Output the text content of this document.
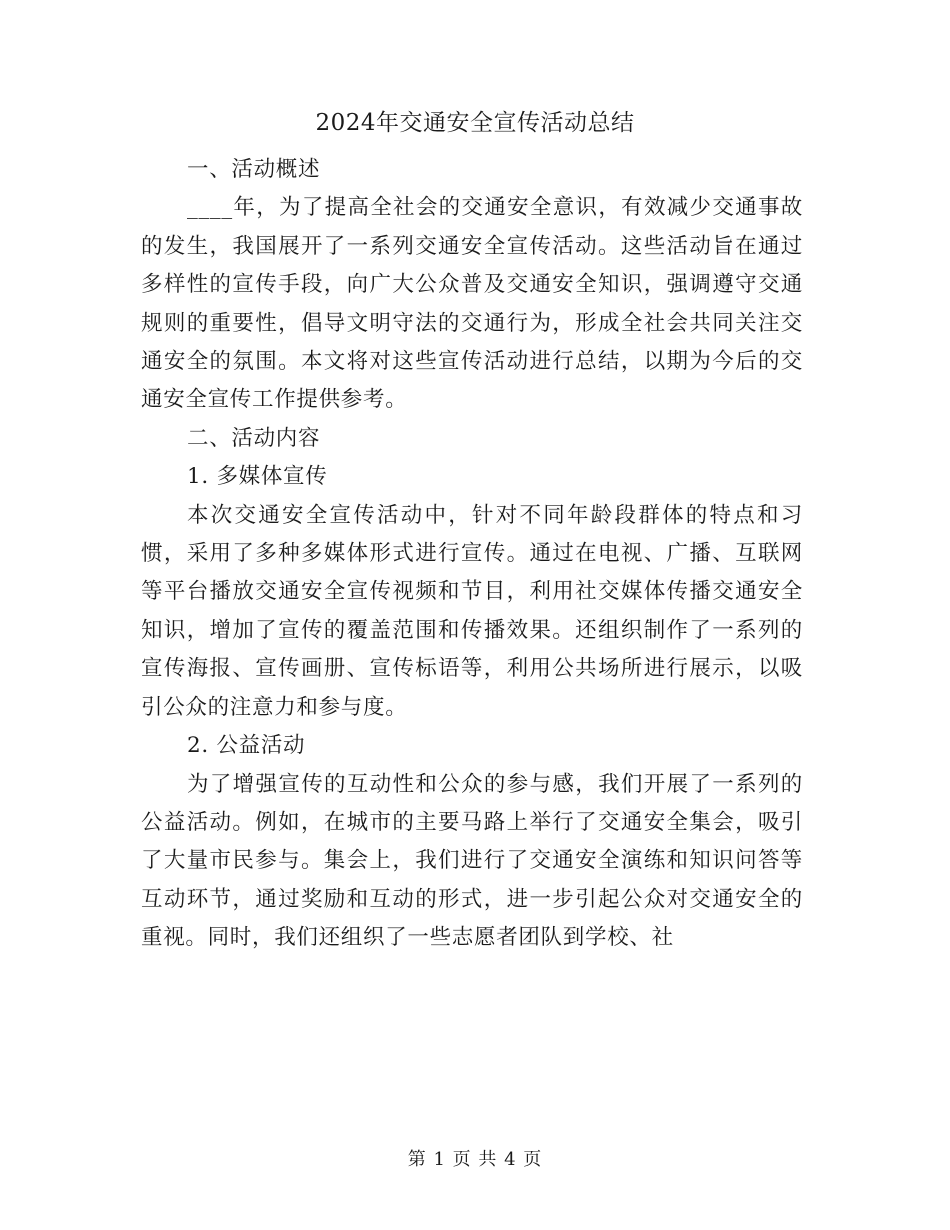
2024年交通安全宣传活动总结

一、活动概述

____年，为了提高全社会的交通安全意识，有效减少交通事故的发生，我国展开了一系列交通安全宣传活动。这些活动旨在通过多样性的宣传手段，向广大公众普及交通安全知识，强调遵守交通规则的重要性，倡导文明守法的交通行为，形成全社会共同关注交通安全的氛围。本文将对这些宣传活动进行总结，以期为今后的交通安全宣传工作提供参考。

二、活动内容

1. 多媒体宣传

本次交通安全宣传活动中，针对不同年龄段群体的特点和习惯，采用了多种多媒体形式进行宣传。通过在电视、广播、互联网等平台播放交通安全宣传视频和节目，利用社交媒体传播交通安全知识，增加了宣传的覆盖范围和传播效果。还组织制作了一系列的宣传海报、宣传画册、宣传标语等，利用公共场所进行展示，以吸引公众的注意力和参与度。

2. 公益活动

为了增强宣传的互动性和公众的参与感，我们开展了一系列的公益活动。例如，在城市的主要马路上举行了交通安全集会，吸引了大量市民参与。集会上，我们进行了交通安全演练和知识问答等互动环节，通过奖励和互动的形式，进一步引起公众对交通安全的重视。同时，我们还组织了一些志愿者团队到学校、社

第 1 页 共 4 页
